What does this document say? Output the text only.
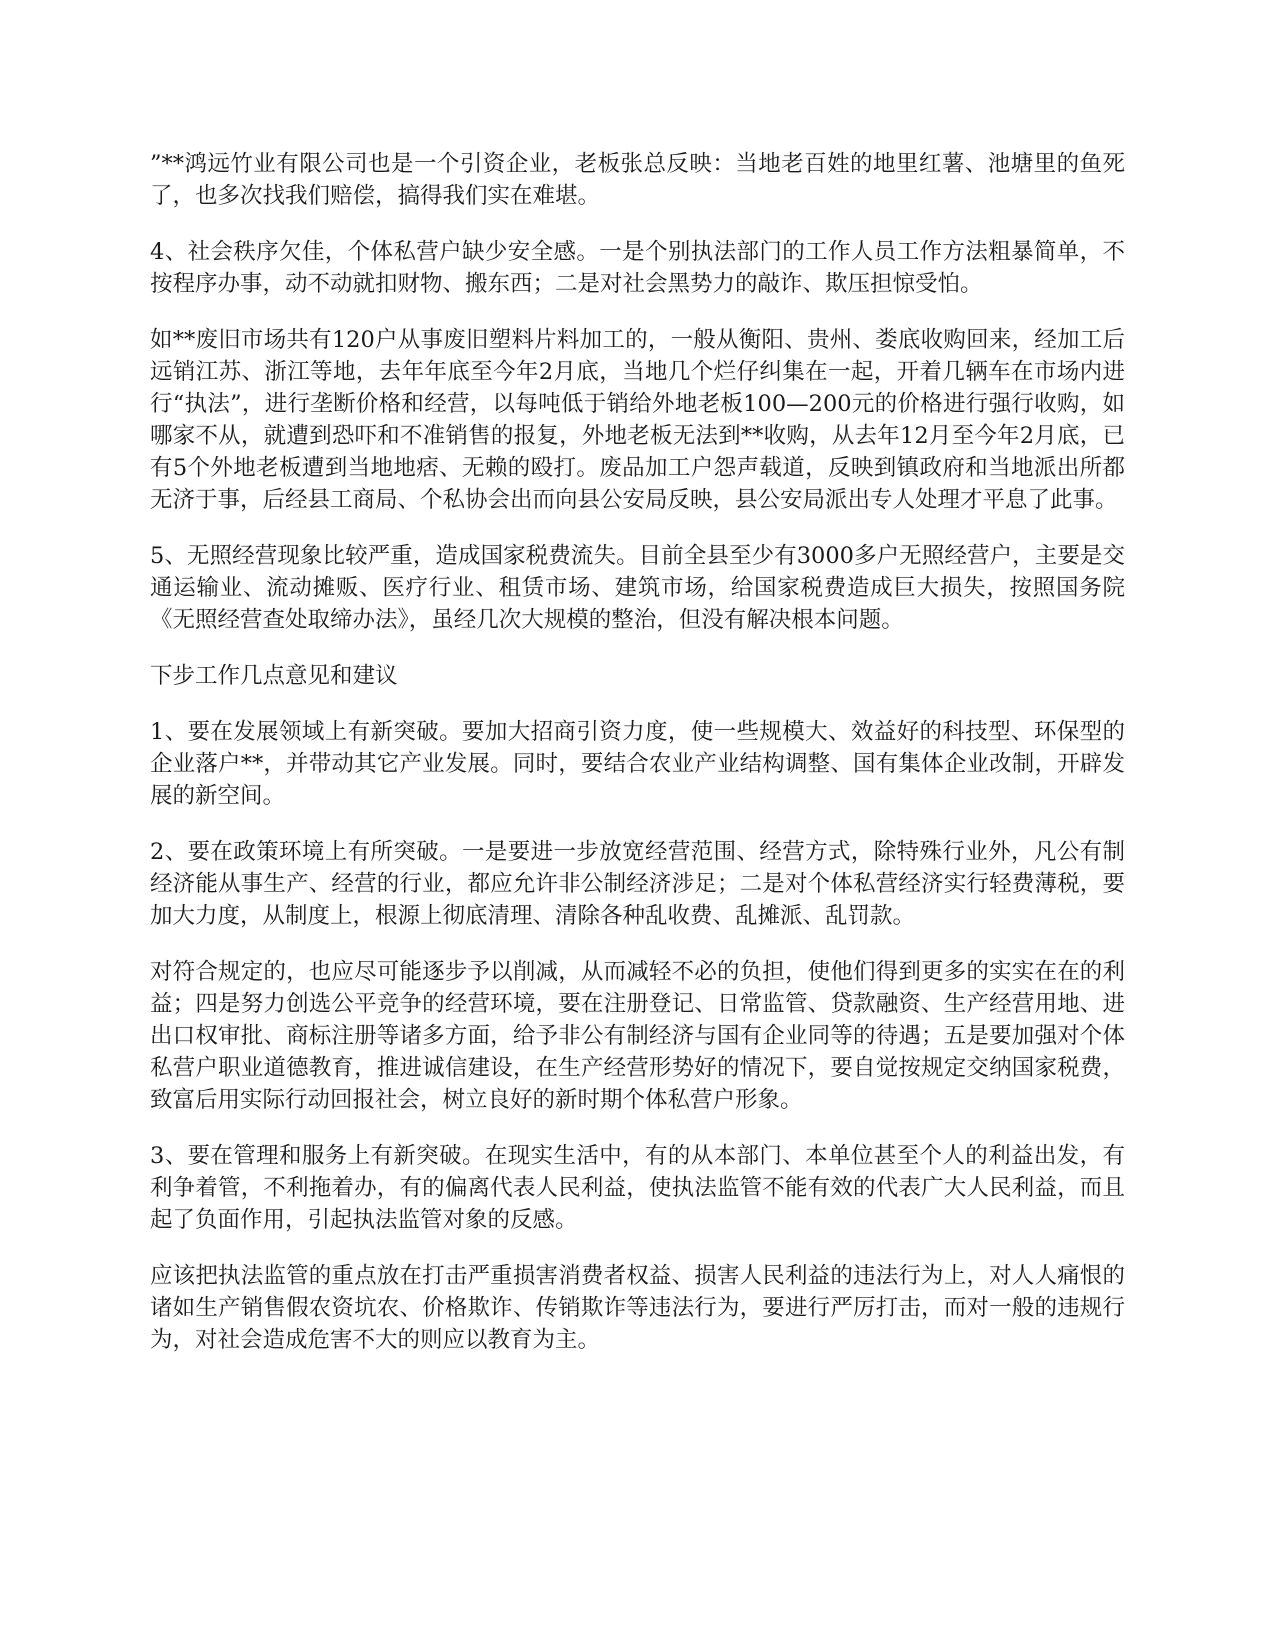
”**鸿远竹业有限公司也是一个引资企业，老板张总反映：当地老百姓的地里红薯、池塘里的鱼死了，也多次找我们赔偿，搞得我们实在难堪。

4、社会秩序欠佳，个体私营户缺少安全感。一是个别执法部门的工作人员工作方法粗暴简单，不按程序办事，动不动就扣财物、搬东西；二是对社会黑势力的敲诈、欺压担惊受怕。

如**废旧市场共有120户从事废旧塑料片料加工的，一般从衡阳、贵州、娄底收购回来，经加工后远销江苏、浙江等地，去年年底至今年2月底，当地几个烂仔纠集在一起，开着几辆车在市场内进行“执法”，进行垄断价格和经营，以每吨低于销给外地老板100—200元的价格进行强行收购，如哪家不从，就遭到恐吓和不准销售的报复，外地老板无法到**收购，从去年12月至今年2月底，已有5个外地老板遭到当地地痞、无赖的殴打。废品加工户怨声载道，反映到镇政府和当地派出所都无济于事，后经县工商局、个私协会出而向县公安局反映，县公安局派出专人处理才平息了此事。

5、无照经营现象比较严重，造成国家税费流失。目前全县至少有3000多户无照经营户，主要是交通运输业、流动摊贩、医疗行业、租赁市场、建筑市场，给国家税费造成巨大损失，按照国务院《无照经营查处取缔办法》，虽经几次大规模的整治，但没有解决根本问题。

下步工作几点意见和建议

1、要在发展领域上有新突破。要加大招商引资力度，使一些规模大、效益好的科技型、环保型的企业落户**，并带动其它产业发展。同时，要结合农业产业结构调整、国有集体企业改制，开辟发展的新空间。

2、要在政策环境上有所突破。一是要进一步放宽经营范围、经营方式，除特殊行业外，凡公有制经济能从事生产、经营的行业，都应允许非公制经济涉足；二是对个体私营经济实行轻费薄税，要加大力度，从制度上，根源上彻底清理、清除各种乱收费、乱摊派、乱罚款。

对符合规定的，也应尽可能逐步予以削减，从而减轻不必的负担，使他们得到更多的实实在在的利益；四是努力创选公平竞争的经营环境，要在注册登记、日常监管、贷款融资、生产经营用地、进出口权审批、商标注册等诸多方面，给予非公有制经济与国有企业同等的待遇；五是要加强对个体私营户职业道德教育，推进诚信建设，在生产经营形势好的情况下，要自觉按规定交纳国家税费，致富后用实际行动回报社会，树立良好的新时期个体私营户形象。

3、要在管理和服务上有新突破。在现实生活中，有的从本部门、本单位甚至个人的利益出发，有利争着管，不利拖着办，有的偏离代表人民利益，使执法监管不能有效的代表广大人民利益，而且起了负面作用，引起执法监管对象的反感。

应该把执法监管的重点放在打击严重损害消费者权益、损害人民利益的违法行为上，对人人痛恨的诸如生产销售假农资坑农、价格欺诈、传销欺诈等违法行为，要进行严厉打击，而对一般的违规行为，对社会造成危害不大的则应以教育为主。
